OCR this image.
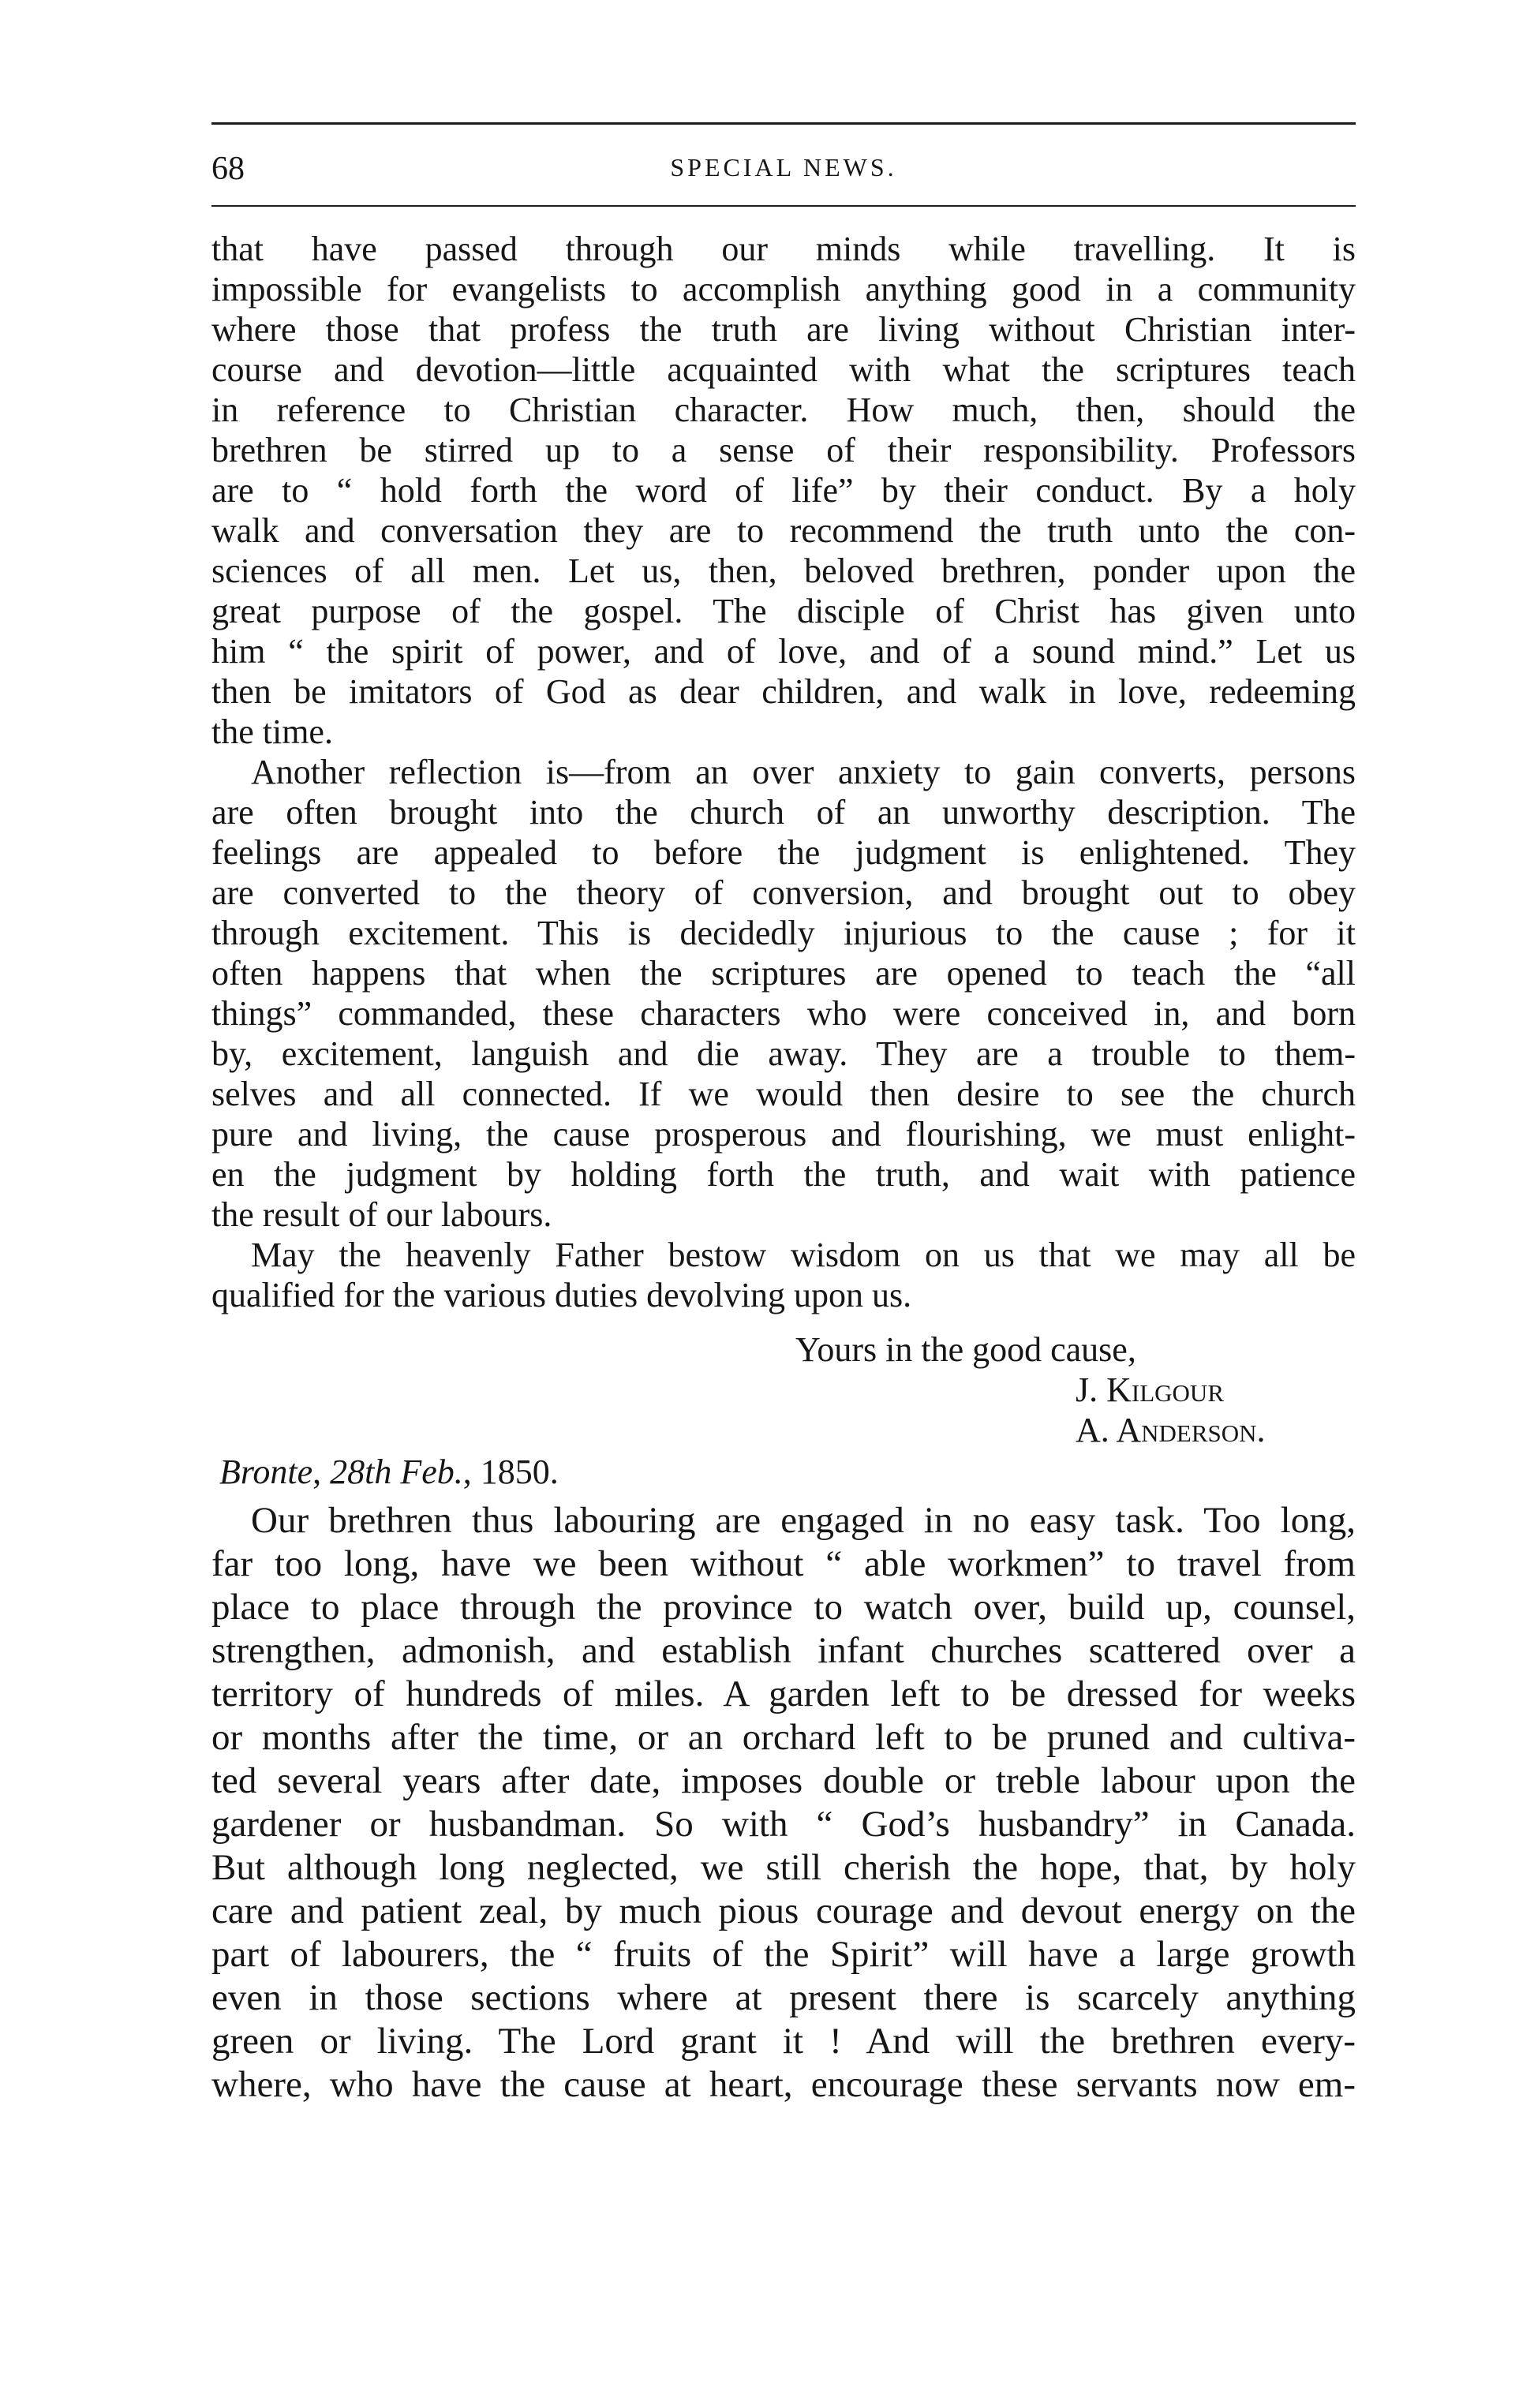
68	SPECIAL NEWS.

that have passed through our minds while travelling. It is

impossible for evangelists to accomplish anything good in a community

where those that profess the truth are living without Christian inter-

course and devotion—little acquainted with what the scriptures teach

in reference to Christian character. How much, then, should the

brethren be stirred up to a sense of their responsibility. Professors

are to “ hold forth the word of life” by their conduct. By a holy

walk and conversation they are to recommend the truth unto the con-

sciences of all men. Let us, then, beloved brethren, ponder upon the

great purpose of the gospel. The disciple of Christ has given unto

him “ the spirit of power, and of love, and of a sound mind.” Let us

then be imitators of God as dear children, and walk in love, redeeming

the time.

Another reflection is—from an over anxiety to gain converts, persons

are often brought into the church of an unworthy description. The

feelings are appealed to before the judgment is enlightened. They

are converted to the theory of conversion, and brought out to obey

through excitement. This is decidedly injurious to the cause ; for it

often happens that when the scriptures are opened to teach the “all

things” commanded, these characters who were conceived in, and born

by, excitement, languish and die away. They are a trouble to them-

selves and all connected. If we would then desire to see the church

pure and living, the cause prosperous and flourishing, we must enlight-

en the judgment by holding forth the truth, and wait with patience

the result of our labours.

May the heavenly Father bestow wisdom on us that we may all be

qualified for the various duties devolving upon us.

Yours in the good cause,
J. Kilgour
A. Anderson.
Bronte, 28th Feb., 1850.

Our brethren thus labouring are engaged in no easy task. Too long,

far too long, have we been without “ able workmen” to travel from

place to place through the province to watch over, build up, counsel,

strengthen, admonish, and establish infant churches scattered over a

territory of hundreds of miles. A garden left to be dressed for weeks

or months after the time, or an orchard left to be pruned and cultiva-

ted several years after date, imposes double or treble labour upon the

gardener or husbandman. So with “ God’s husbandry” in Canada.

But although long neglected, we still cherish the hope, that, by holy

care and patient zeal, by much pious courage and devout energy on the

part of labourers, the “ fruits of the Spirit” will have a large growth

even in those sections where at present there is scarcely anything

green or living. The Lord grant it ! And will the brethren every-

where, who have the cause at heart, encourage these servants now em-
